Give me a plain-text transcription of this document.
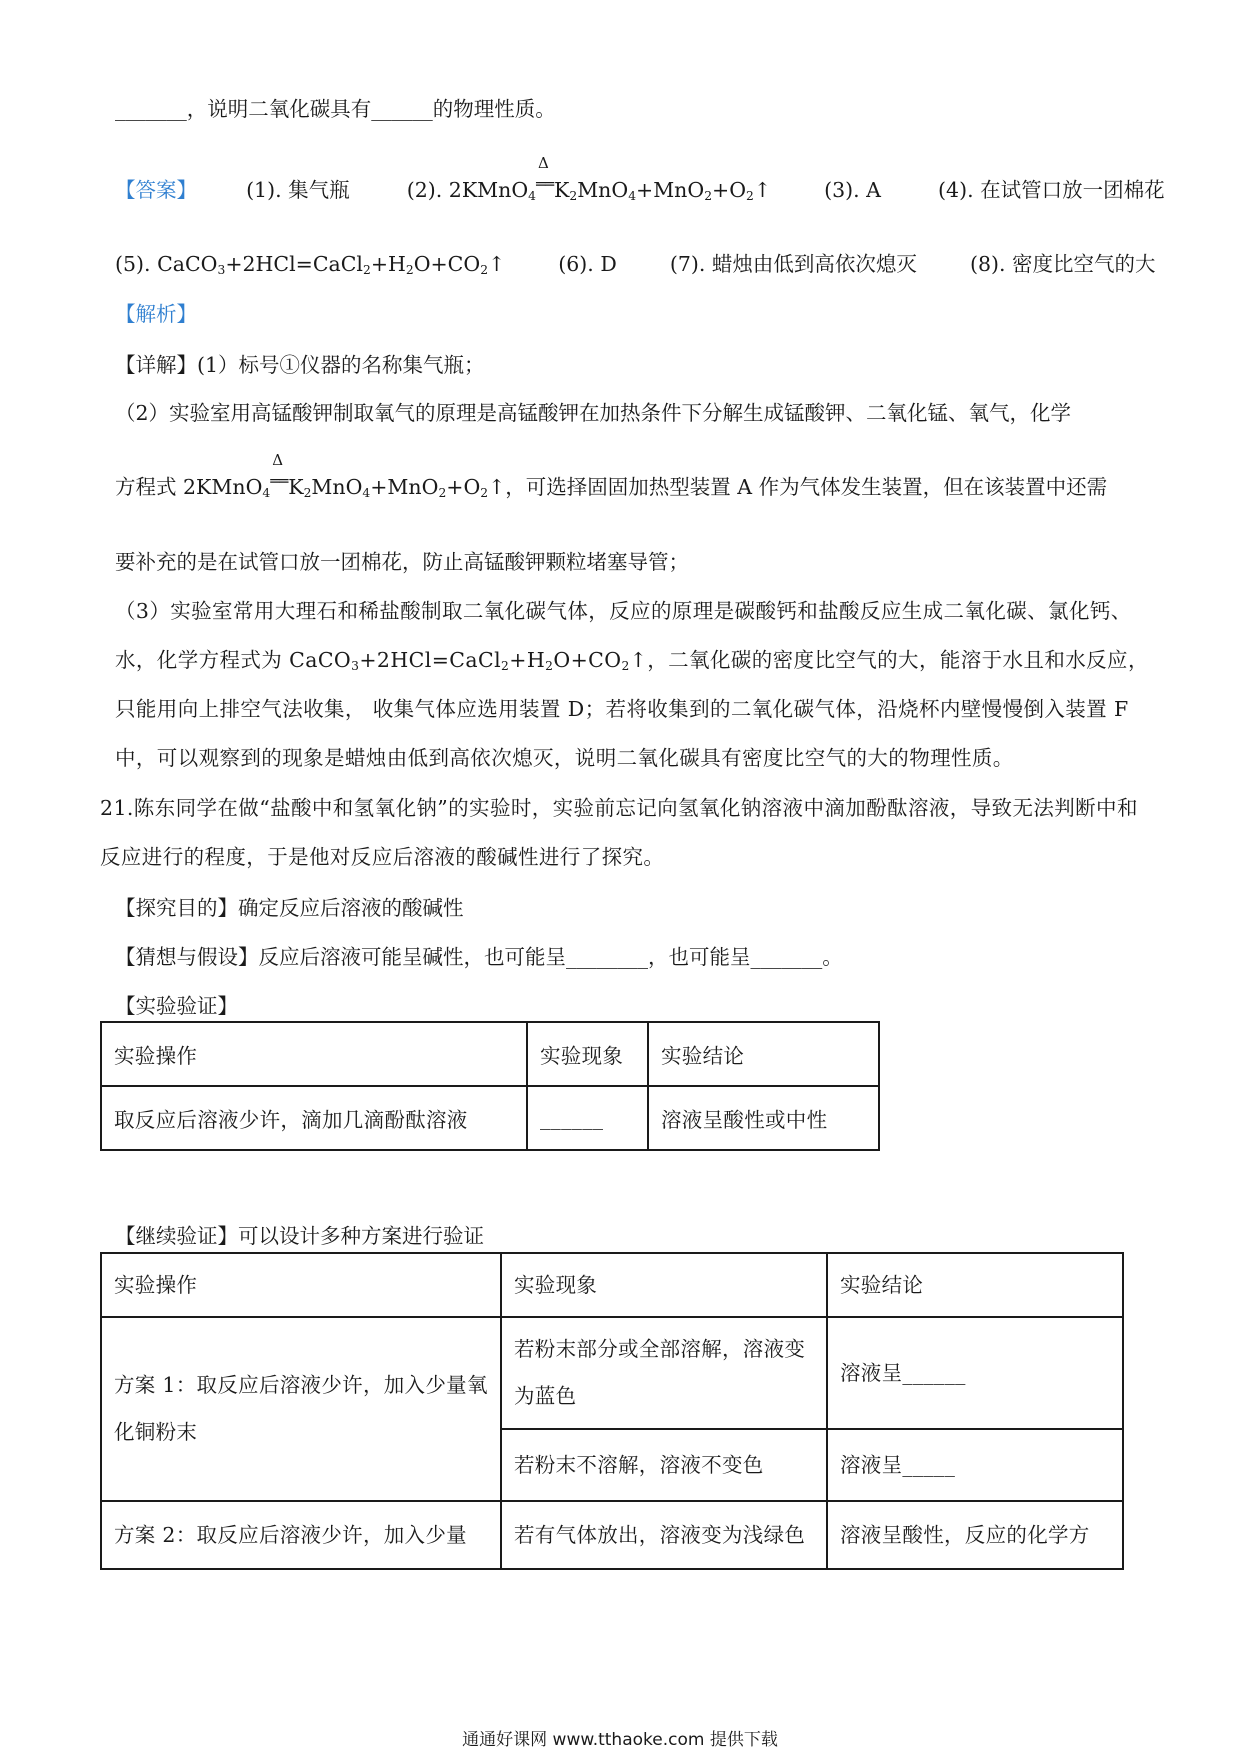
_______，说明二氧化碳具有______的物理性质。
【答案】 (1). 集气瓶	(2). 2KMnO$_4$
Δ
$══K_2MnO_4+MnO_2+O_2↑$	(3). A	(4). 在试管口放一团棉花
(5). $CaCO_3+2HCl=CaCl_2+H_2O+CO_2↑$	(6). D	(7). 蜡烛由低到高依次熄灭	(8). 密度比空气的大
【解析】
【详解】(1）标号①仪器的名称集气瓶；
（2）实验室用高锰酸钾制取氧气的原理是高锰酸钾在加热条件下分解生成锰酸钾、二氧化锰、氧气，化学
方程式 2KMnO$_4$
Δ
$══K_2MnO_4+MnO_2+O_2↑$，可选择固固加热型装置 A 作为气体发生装置，但在该装置中还需
要补充的是在试管口放一团棉花，防止高锰酸钾颗粒堵塞导管；
（3）实验室常用大理石和稀盐酸制取二氧化碳气体，反应的原理是碳酸钙和盐酸反应生成二氧化碳、氯化钙、水，化学方程式为 $CaCO_3+2HCl=CaCl_2+H_2O+CO_2↑$，二氧化碳的密度比空气的大，能溶于水且和水反应，只能用向上排空气法收集， 收集气体应选用装置 D；若将收集到的二氧化碳气体，沿烧杯内壁慢慢倒入装置 F 中，可以观察到的现象是蜡烛由低到高依次熄灭，说明二氧化碳具有密度比空气的大的物理性质。
21.陈东同学在做“盐酸中和氢氧化钠”的实验时，实验前忘记向氢氧化钠溶液中滴加酚酞溶液，导致无法判断中和反应进行的程度，于是他对反应后溶液的酸碱性进行了探究。
【探究目的】确定反应后溶液的酸碱性
【猜想与假设】反应后溶液可能呈碱性，也可能呈________，也可能呈_______。
【实验验证】
实验操作	实验现象	实验结论
取反应后溶液少许，滴加几滴酚酞溶液	______	溶液呈酸性或中性
【继续验证】可以设计多种方案进行验证
实验操作	实验现象	实验结论
方案 1：取反应后溶液少许，加入少量氧化铜粉末	若粉末部分或全部溶解，溶液变为蓝色	溶液呈______
	若粉末不溶解，溶液不变色	溶液呈_____
方案 2：取反应后溶液少许，加入少量	若有气体放出，溶液变为浅绿色	溶液呈酸性，反应的化学方
通通好课网 www.tthaoke.com 提供下载
